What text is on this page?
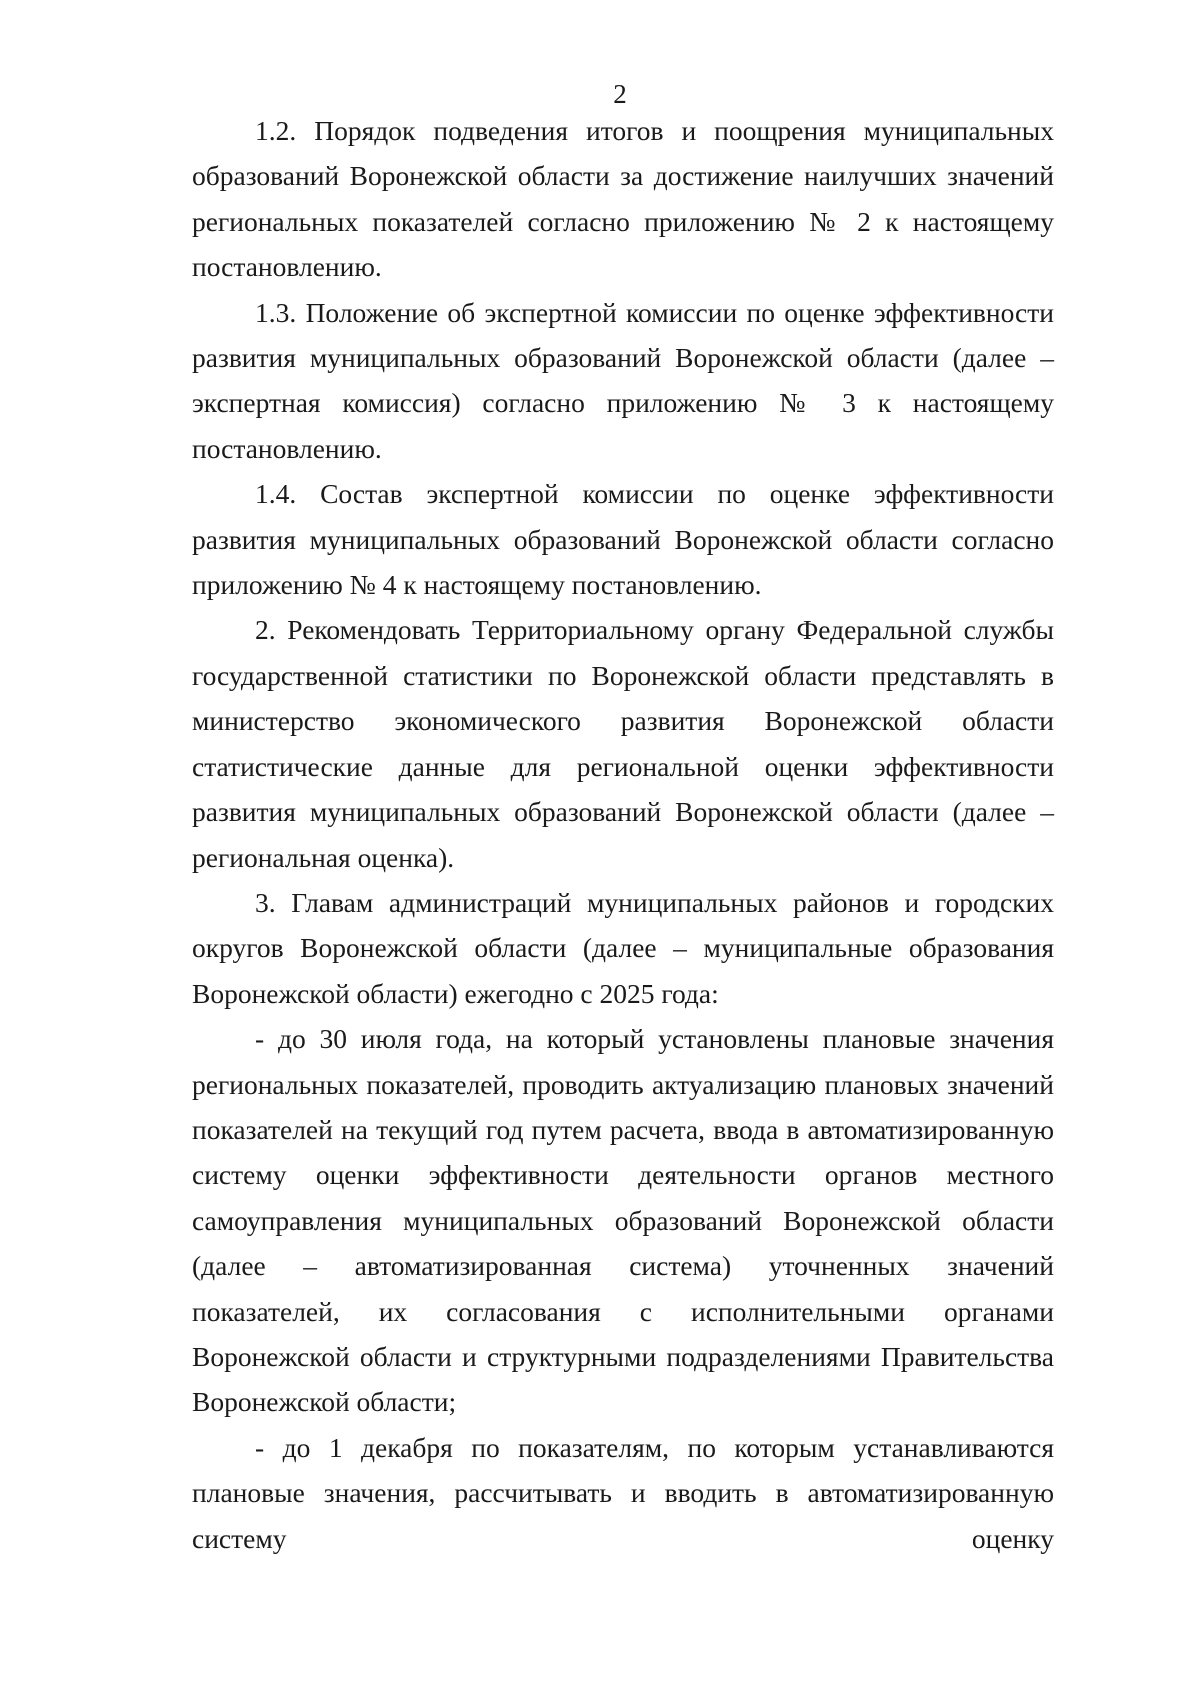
2

1.2. Порядок подведения итогов и поощрения муниципальных образований Воронежской области за достижение наилучших значений региональных показателей согласно приложению № 2 к настоящему постановлению.

1.3. Положение об экспертной комиссии по оценке эффективности развития муниципальных образований Воронежской области (далее – экспертная комиссия) согласно приложению № 3 к настоящему постановлению.

1.4. Состав экспертной комиссии по оценке эффективности развития муниципальных образований Воронежской области согласно приложению № 4 к настоящему постановлению.

2. Рекомендовать Территориальному органу Федеральной службы государственной статистики по Воронежской области представлять в министерство экономического развития Воронежской области статистические данные для региональной оценки эффективности развития муниципальных образований Воронежской области (далее – региональная оценка).

3. Главам администраций муниципальных районов и городских округов Воронежской области (далее – муниципальные образования Воронежской области) ежегодно с 2025 года:

- до 30 июля года, на который установлены плановые значения региональных показателей, проводить актуализацию плановых значений показателей на текущий год путем расчета, ввода в автоматизированную систему оценки эффективности деятельности органов местного самоуправления муниципальных образований Воронежской области (далее – автоматизированная система) уточненных значений показателей, их согласования с исполнительными органами Воронежской области и структурными подразделениями Правительства Воронежской области;

- до 1 декабря по показателям, по которым устанавливаются плановые значения, рассчитывать и вводить в автоматизированную систему оценку
